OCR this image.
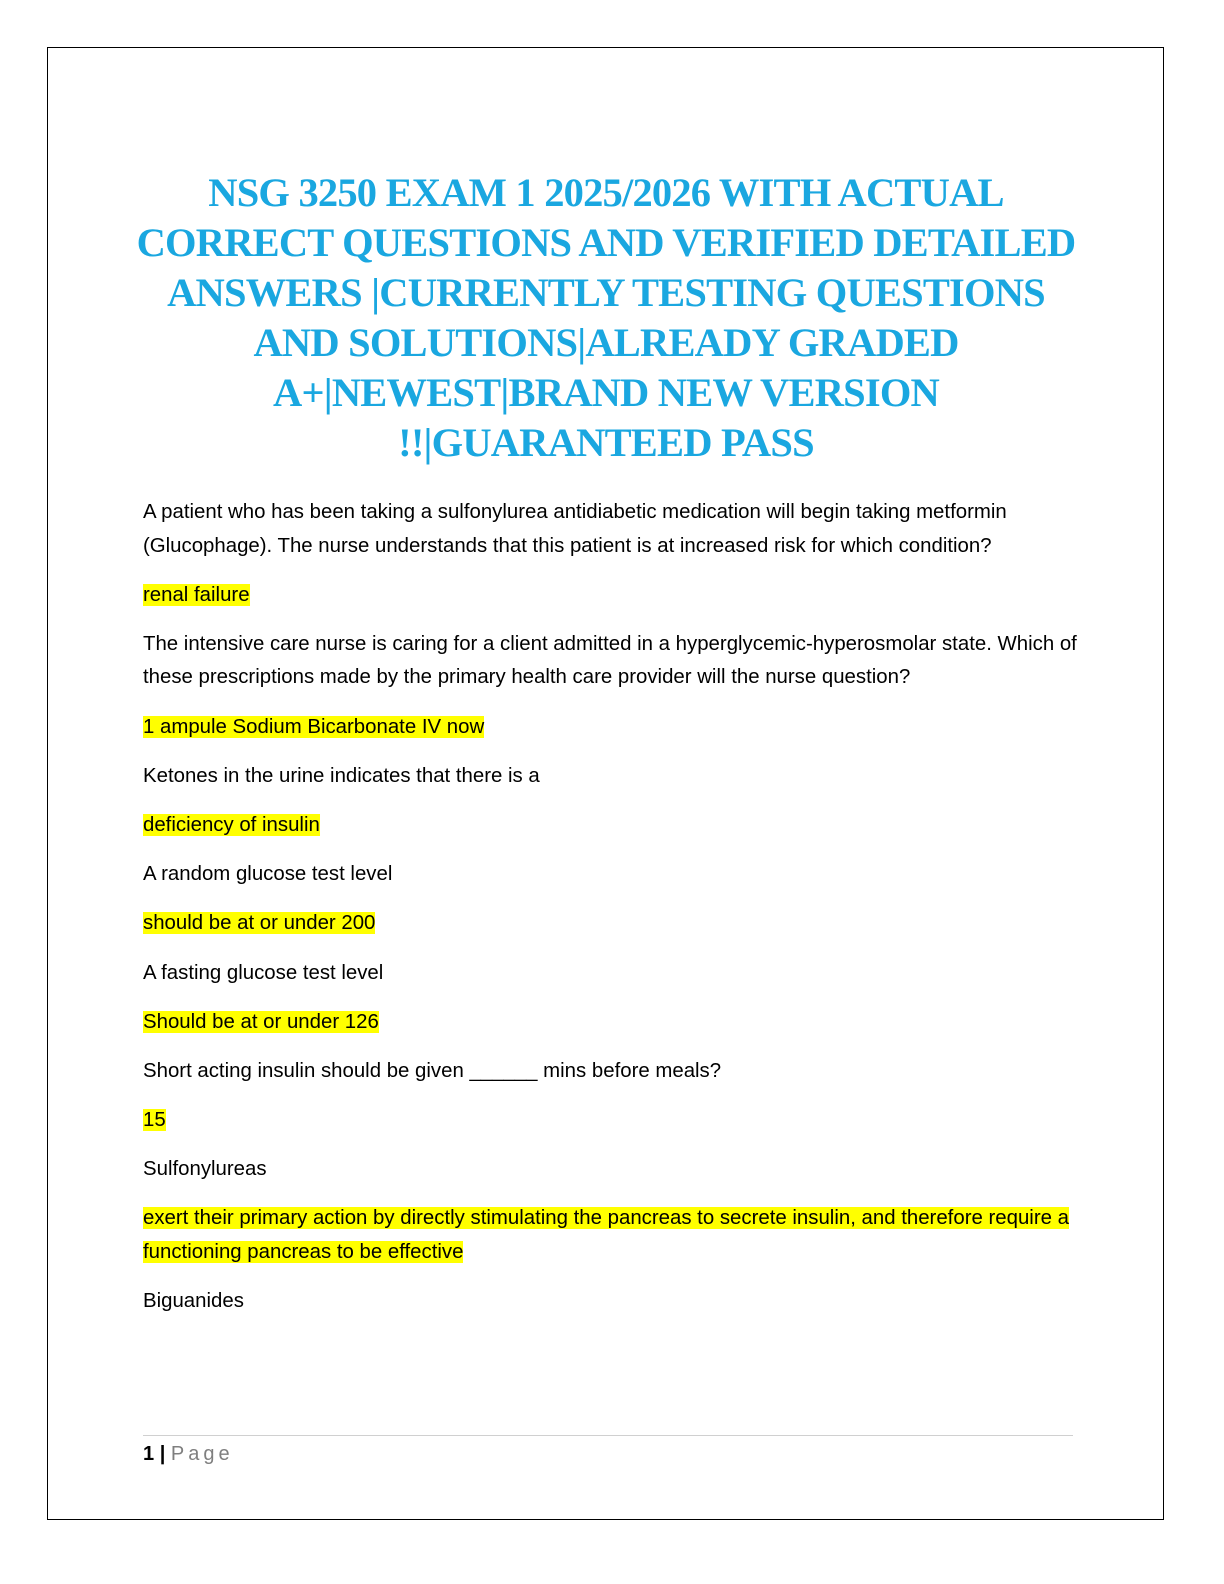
NSG 3250 EXAM 1 2025/2026 WITH ACTUAL CORRECT QUESTIONS AND VERIFIED DETAILED ANSWERS |CURRENTLY TESTING QUESTIONS AND SOLUTIONS|ALREADY GRADED A+|NEWEST|BRAND NEW VERSION !!|GUARANTEED PASS

A patient who has been taking a sulfonylurea antidiabetic medication will begin taking metformin (Glucophage). The nurse understands that this patient is at increased risk for which condition?

renal failure

The intensive care nurse is caring for a client admitted in a hyperglycemic-hyperosmolar state. Which of these prescriptions made by the primary health care provider will the nurse question?

1 ampule Sodium Bicarbonate IV now

Ketones in the urine indicates that there is a

deficiency of insulin

A random glucose test level

should be at or under 200

A fasting glucose test level

Should be at or under 126

Short acting insulin should be given ______ mins before meals?

15

Sulfonylureas

exert their primary action by directly stimulating the pancreas to secrete insulin, and therefore require a functioning pancreas to be effective

Biguanides

1 | Page
